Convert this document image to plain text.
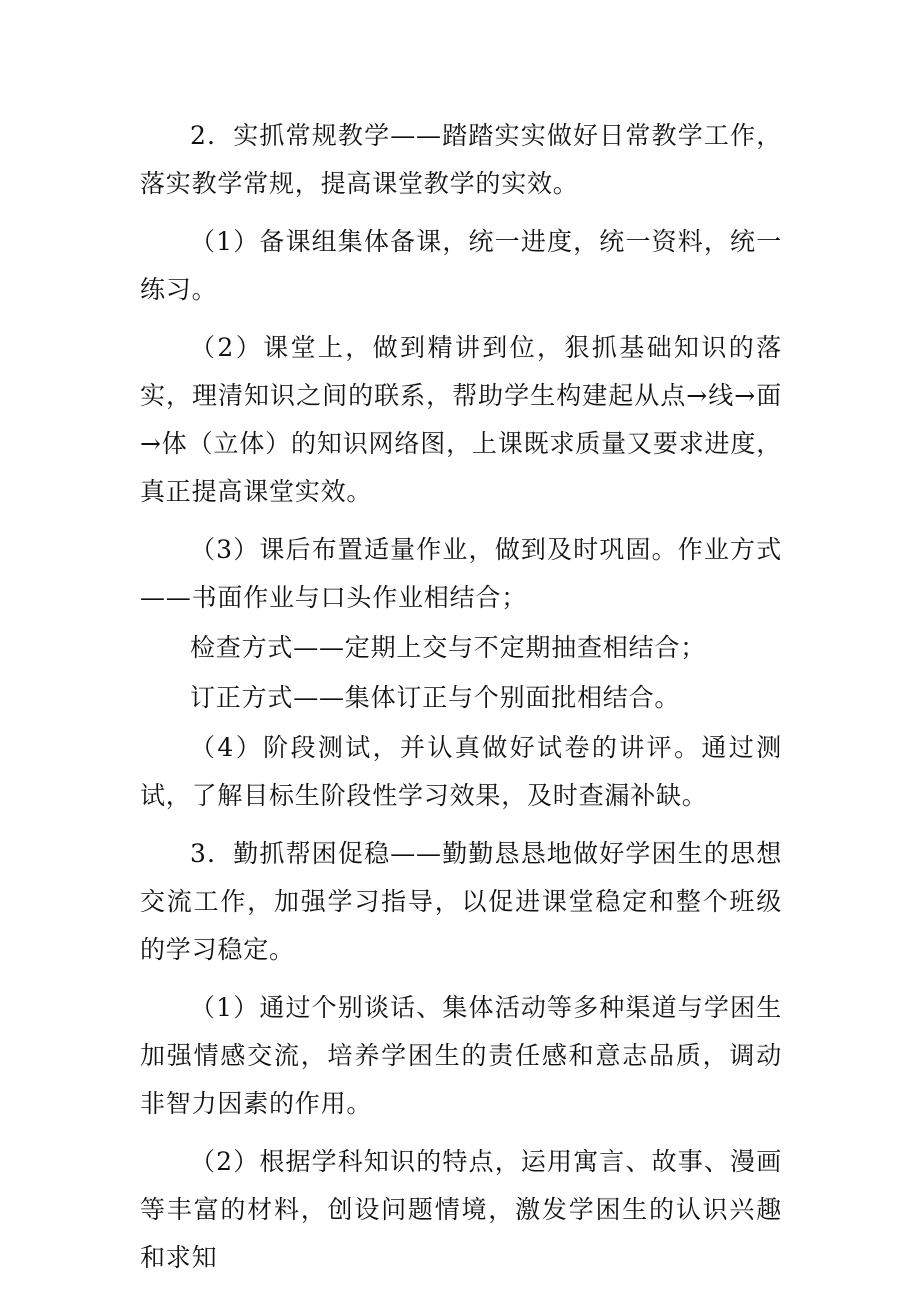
2．实抓常规教学——踏踏实实做好日常教学工作，落实教学常规，提高课堂教学的实效。

（1）备课组集体备课，统一进度，统一资料，统一练习。

（2）课堂上，做到精讲到位，狠抓基础知识的落实，理清知识之间的联系，帮助学生构建起从点→线→面→体（立体）的知识网络图，上课既求质量又要求进度，真正提高课堂实效。

（3）课后布置适量作业，做到及时巩固。作业方式——书面作业与口头作业相结合；

检查方式——定期上交与不定期抽查相结合；

订正方式——集体订正与个别面批相结合。

（4）阶段测试，并认真做好试卷的讲评。通过测试，了解目标生阶段性学习效果，及时查漏补缺。

3．勤抓帮困促稳——勤勤恳恳地做好学困生的思想交流工作，加强学习指导，以促进课堂稳定和整个班级的学习稳定。

（1）通过个别谈话、集体活动等多种渠道与学困生加强情感交流，培养学困生的责任感和意志品质，调动非智力因素的作用。

（2）根据学科知识的特点，运用寓言、故事、漫画等丰富的材料，创设问题情境，激发学困生的认识兴趣和求知
